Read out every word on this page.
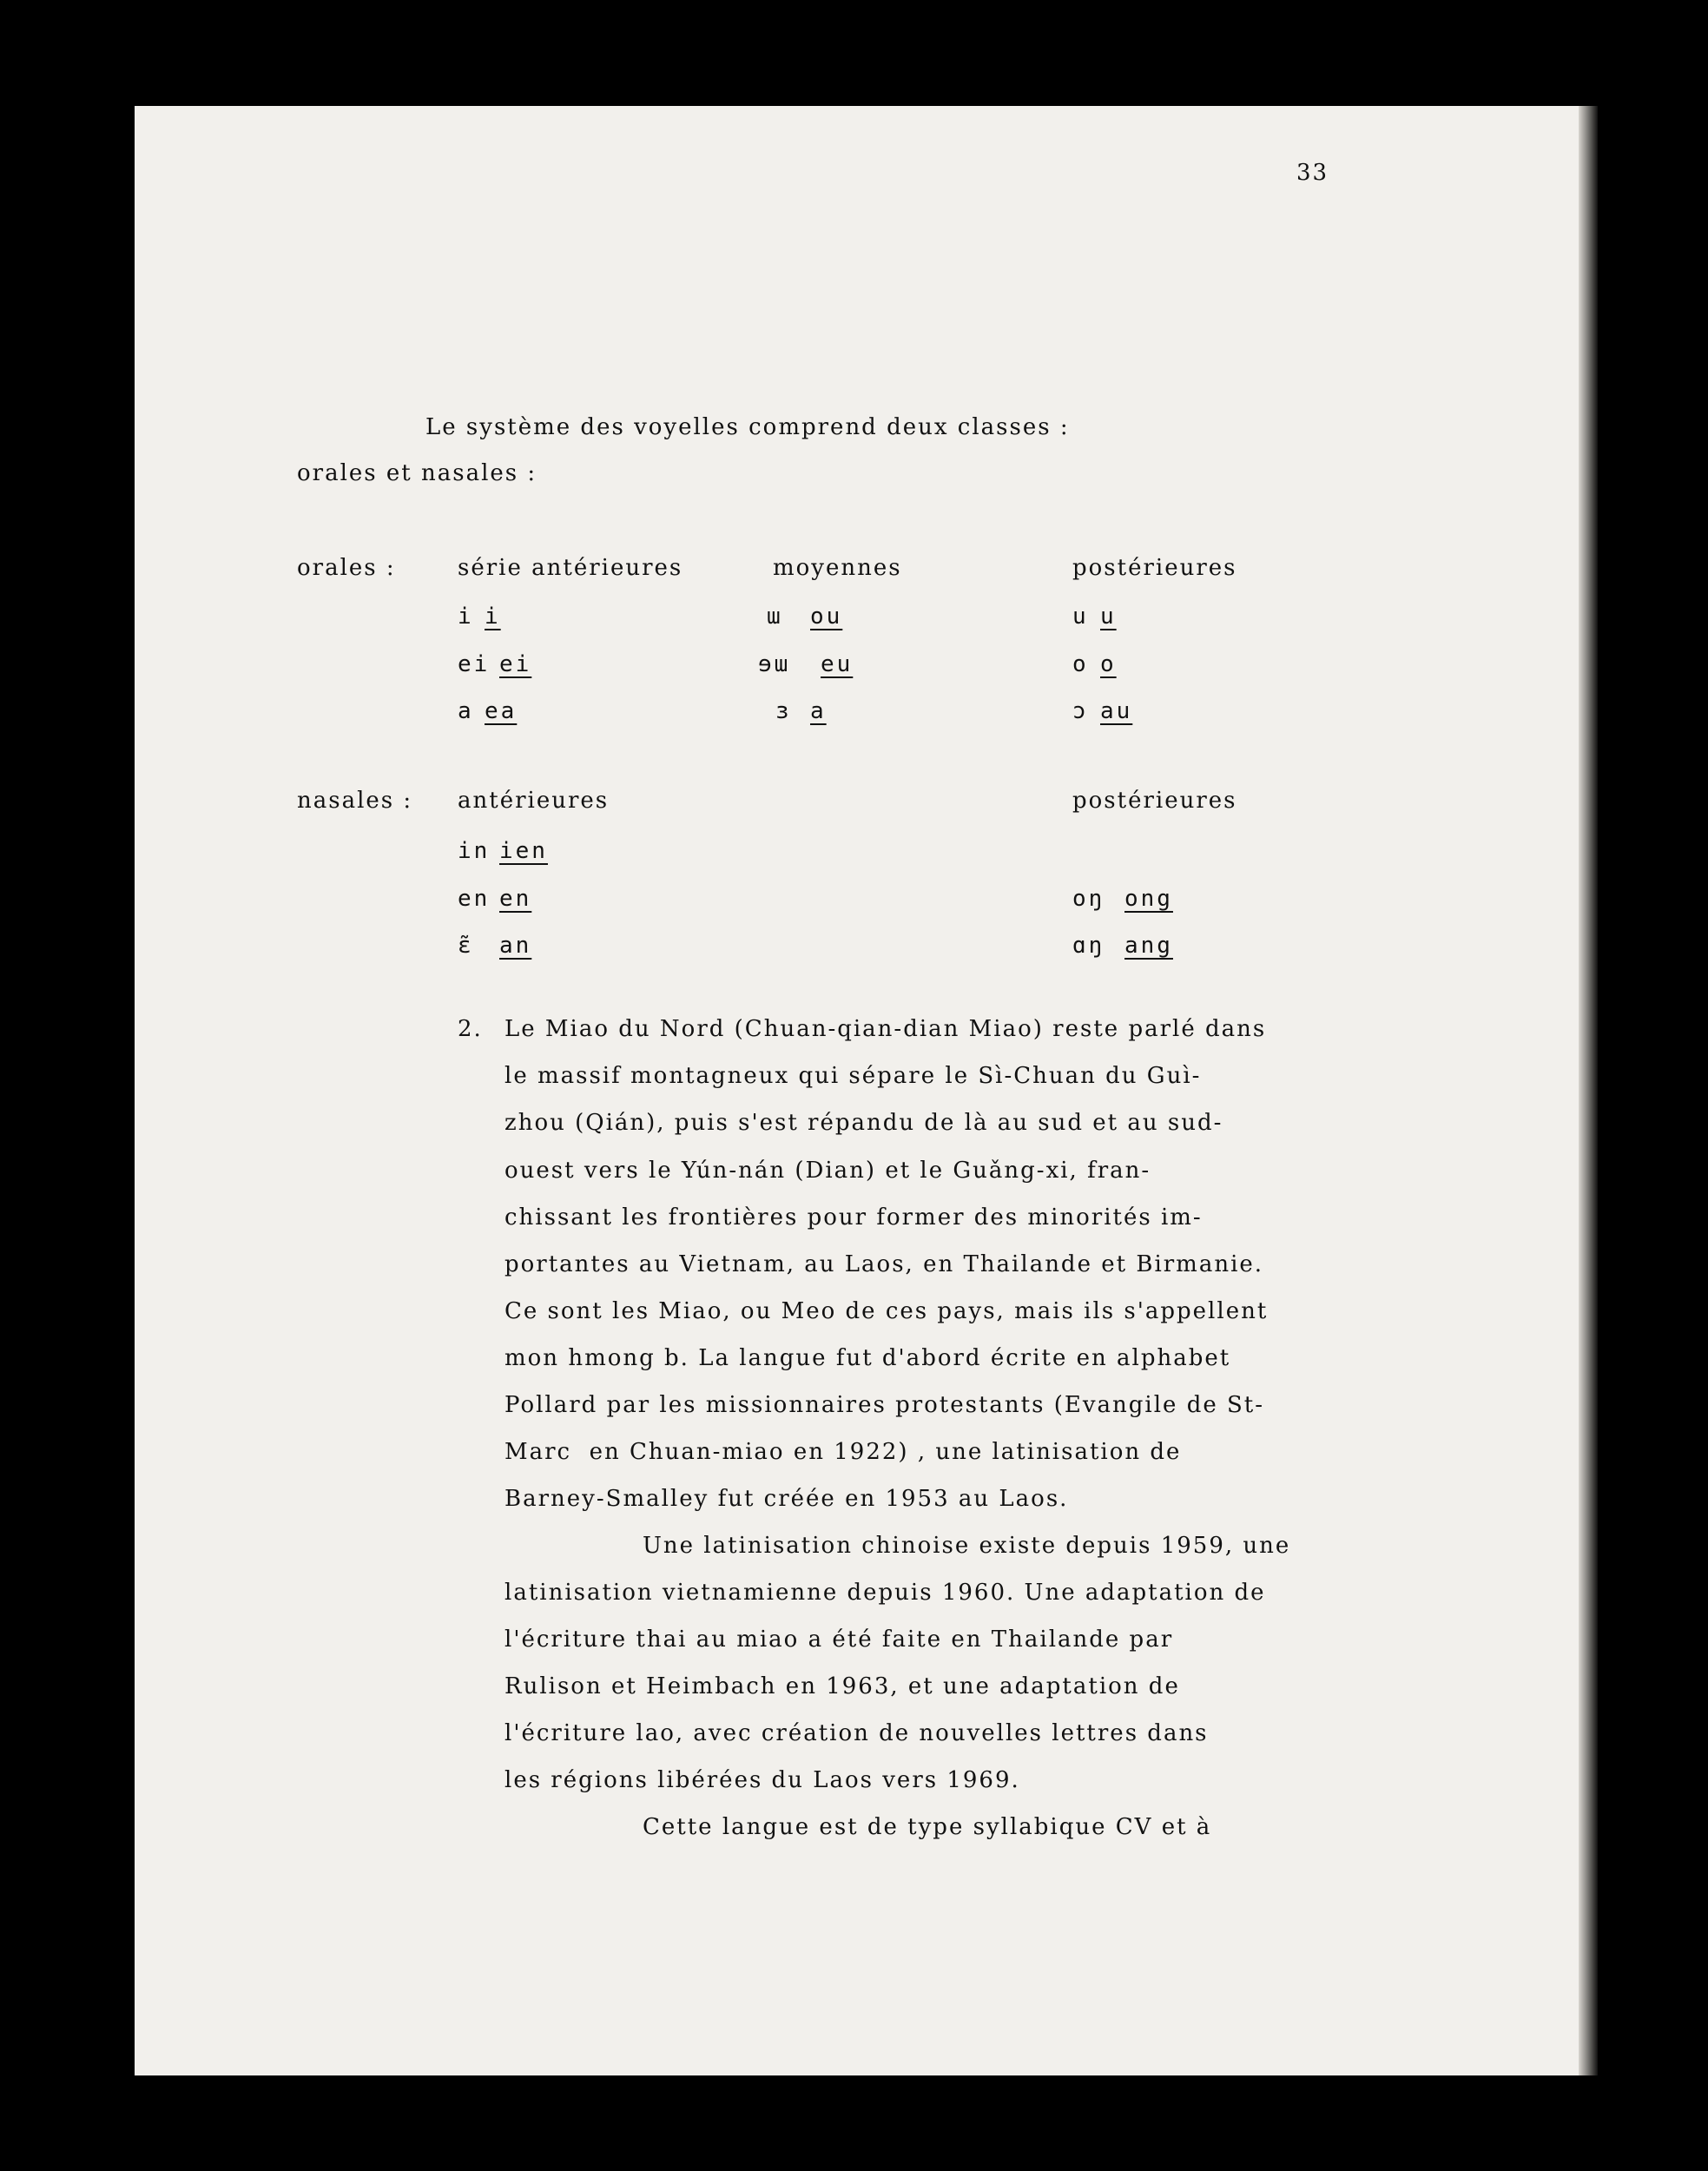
33
Le système des voyelles comprend deux classes :
orales et nasales :
orales :	série antérieures	moyennes	postérieures
i i	ɯ ou	u u
ei ei	ɘɯ eu	o o
a ea	ɜ a	ɔ au
nasales : antérieures	postérieures
in ien
en en	oŋ ong
ɛ̃ an	ɑŋ ang
2. Le Miao du Nord (Chuan-qian-dian Miao) reste parlé dans
le massif montagneux qui sépare le Sì-Chuan du Guì-
zhou (Qián), puis s'est répandu de là au sud et au sud-
ouest vers le Yún-nán (Dian) et le Guǎng-xi, fran-
chissant les frontières pour former des minorités im-
portantes au Vietnam, au Laos, en Thailande et Birmanie.
Ce sont les Miao, ou Meo de ces pays, mais ils s'appellent
mon hmong b. La langue fut d'abord écrite en alphabet
Pollard par les missionnaires protestants (Evangile de St-
Marc  en Chuan-miao en 1922) , une latinisation de
Barney-Smalley fut créée en 1953 au Laos.
Une latinisation chinoise existe depuis 1959, une
latinisation vietnamienne depuis 1960. Une adaptation de
l'écriture thai au miao a été faite en Thailande par
Rulison et Heimbach en 1963, et une adaptation de
l'écriture lao, avec création de nouvelles lettres dans
les régions libérées du Laos vers 1969.
Cette langue est de type syllabique CV et à
